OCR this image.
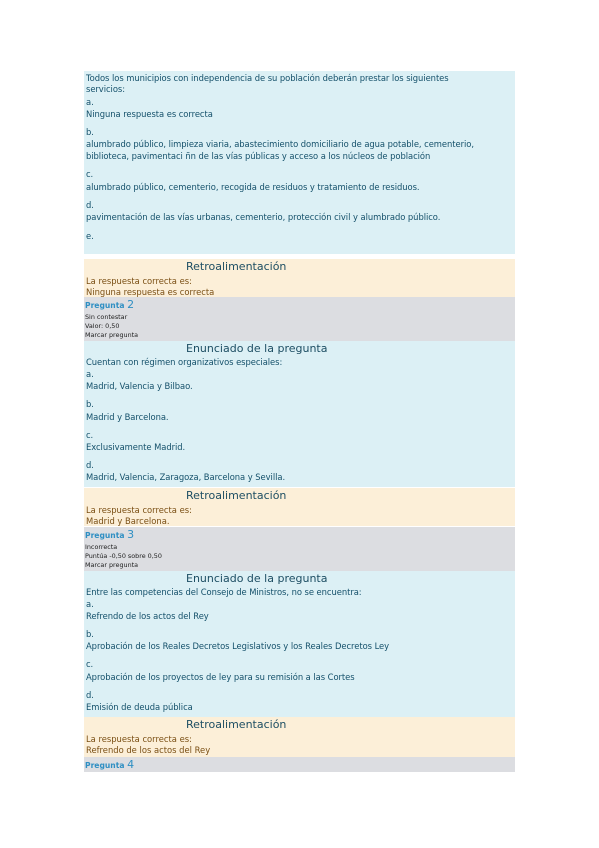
Todos los municipios con independencia de su población deberán prestar los siguientes
servicios:
a.
Ninguna respuesta es correcta
b.
alumbrado público, limpieza viaria, abastecimiento domiciliario de agua potable, cementerio,
biblioteca, pavimentaci ñn de las vías públicas y acceso a los núcleos de población
c.
alumbrado público, cementerio, recogida de residuos y tratamiento de residuos.
d.
pavimentación de las vías urbanas, cementerio, protección civil y alumbrado público.
e.
Retroalimentación
La respuesta correcta es:
Ninguna respuesta es correcta
Pregunta 2
Sin contestar
Valor: 0,50
Marcar pregunta
Enunciado de la pregunta
Cuentan con régimen organizativos especiales:
a.
Madrid, Valencia y Bilbao.
b.
Madrid y Barcelona.
c.
Exclusivamente Madrid.
d.
Madrid, Valencia, Zaragoza, Barcelona y Sevilla.
Retroalimentación
La respuesta correcta es:
Madrid y Barcelona.
Pregunta 3
Incorrecta
Puntúa -0,50 sobre 0,50
Marcar pregunta
Enunciado de la pregunta
Entre las competencias del Consejo de Ministros, no se encuentra:
a.
Refrendo de los actos del Rey
b.
Aprobación de los Reales Decretos Legislativos y los Reales Decretos Ley
c.
Aprobación de los proyectos de ley para su remisión a las Cortes
d.
Emisión de deuda pública
Retroalimentación
La respuesta correcta es:
Refrendo de los actos del Rey
Pregunta 4
